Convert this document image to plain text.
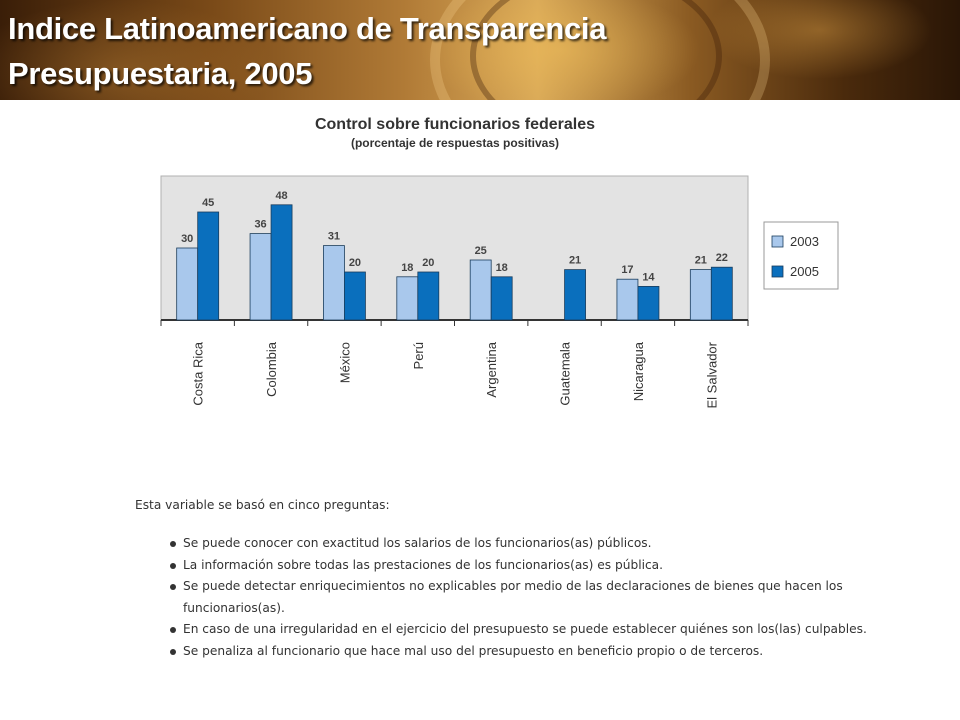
Indice Latinoamericano de Transparencia
Presupuestaria, 2005
Control sobre funcionarios federales
(porcentaje de respuestas positivas)
30
45
Costa Rica
36
48
Colombia
31
20
México
18 20
Perú
25
18
Argentina
21
Guatemala
17
14
Nicaragua
21 22
El Salvador
2003
2005

Esta variable se basó en cinco preguntas:

Se puede conocer con exactitud los salarios de los funcionarios(as) públicos.
La información sobre todas las prestaciones de los funcionarios(as) es pública.
Se puede detectar enriquecimientos no explicables por medio de las declaraciones de bienes que hacen los funcionarios(as).
En caso de una irregularidad en el ejercicio del presupuesto se puede establecer quiénes son los(las) culpables.
Se penaliza al funcionario que hace mal uso del presupuesto en beneficio propio o de terceros.
